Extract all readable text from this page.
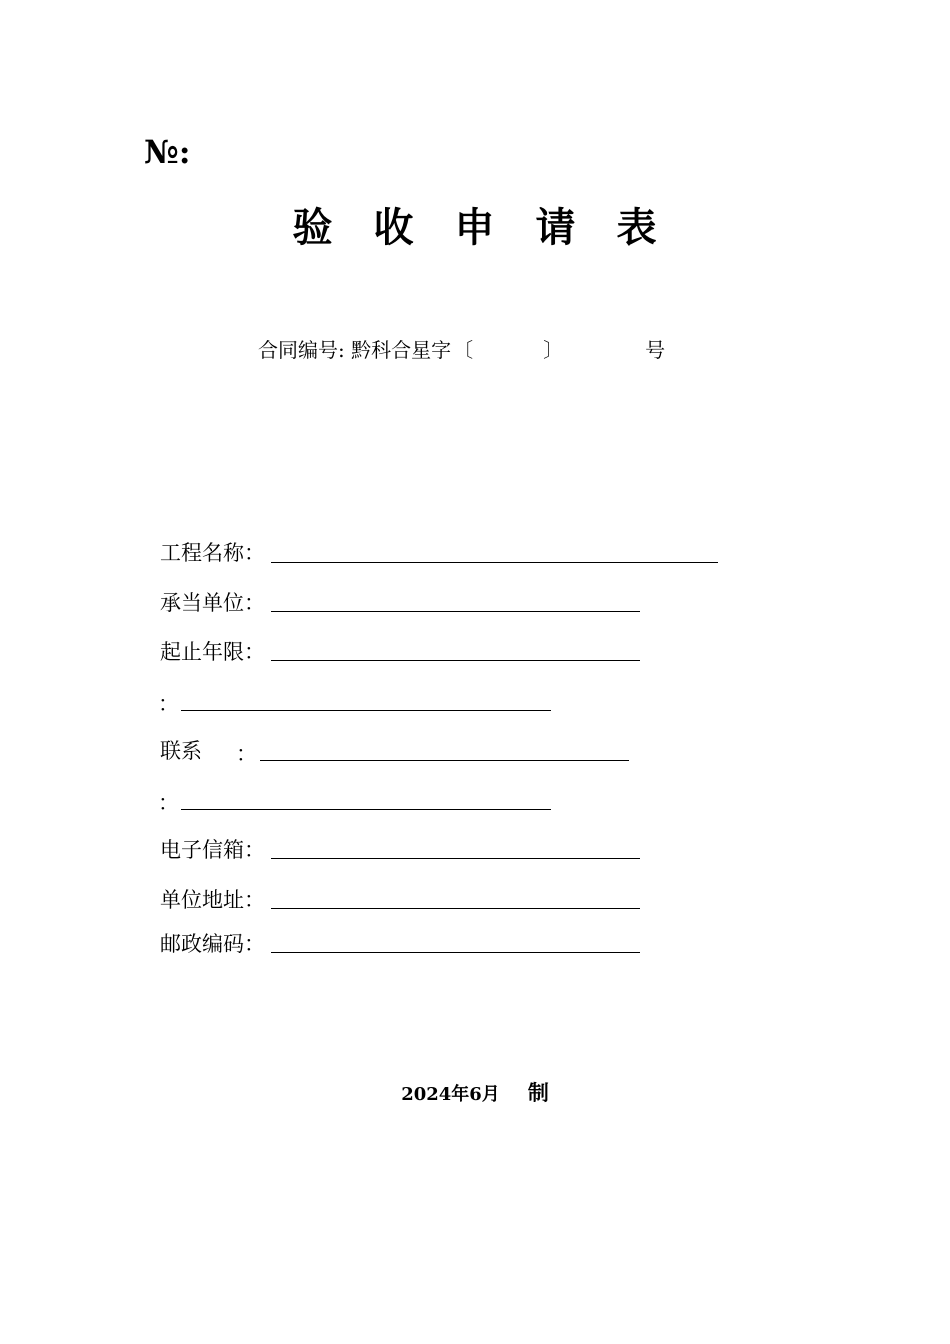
№:
验 收 申 请 表
合同编号: 黔科合星字 〔	〕	号
工程名称：
承当单位：
起止年限：
：
联系 ：
：
电子信箱：
单位地址：
邮政编码：
2024年6月 制
